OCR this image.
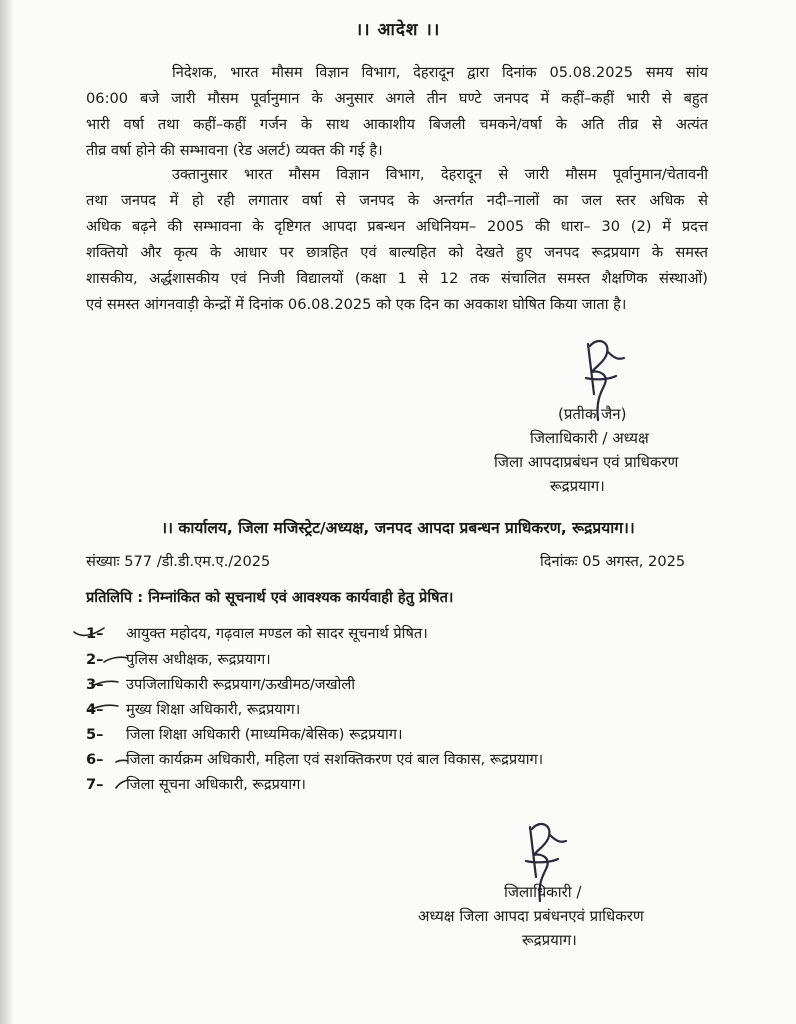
।। आदेश ।।
निदेशक, भारत मौसम विज्ञान विभाग, देहरादून द्वारा दिनांक 05.08.2025 समय सांय
06:00 बजे जारी मौसम पूर्वानुमान के अनुसार अगले तीन घण्टे जनपद में कहीं–कहीं भारी से बहुत
भारी वर्षा तथा कहीं–कहीं गर्जन के साथ आकाशीय बिजली चमकने/वर्षा के अति तीव्र से अत्यंत
तीव्र वर्षा होने की सम्भावना (रेड अलर्ट) व्यक्त की गई है।
उक्तानुसार भारत मौसम विज्ञान विभाग, देहरादून से जारी मौसम पूर्वानुमान/चेतावनी
तथा जनपद में हो रही लगातार वर्षा से जनपद के अन्तर्गत नदी–नालों का जल स्तर अधिक से
अधिक बढ़ने की सम्भावना के दृष्टिगत आपदा प्रबन्धन अधिनियम– 2005 की धारा– 30 (2) में प्रदत्त
शक्तियो और कृत्य के आधार पर छात्रहित एवं बाल्यहित को देखते हुए जनपद रूद्रप्रयाग के समस्त
शासकीय, अर्द्धशासकीय एवं निजी विद्यालयों (कक्षा 1 से 12 तक संचालित समस्त शैक्षणिक संस्थाओं)
एवं समस्त आंगनवाड़ी केन्द्रों में दिनांक 06.08.2025 को एक दिन का अवकाश घोषित किया जाता है।
(प्रतीक जैन)
जिलाधिकारी / अध्यक्ष
जिला आपदाप्रबंधन एवं प्राधिकरण
रूद्रप्रयाग।
।। कार्यालय, जिला मजिस्ट्रेट/अध्यक्ष, जनपद आपदा प्रबन्धन प्राधिकरण, रूद्रप्रयाग।।
संख्याः 577 /डी.डी.एम.ए./2025	दिनांकः 05 अगस्त, 2025
प्रतिलिपि : निम्नांकित को सूचनार्थ एवं आवश्यक कार्यवाही हेतु प्रेषित।
1– आयुक्त महोदय, गढ़वाल मण्डल को सादर सूचनार्थ प्रेषित।
2– पुलिस अधीक्षक, रूद्रप्रयाग।
3– उपजिलाधिकारी रूद्रप्रयाग/ऊखीमठ/जखोली
4– मुख्य शिक्षा अधिकारी, रूद्रप्रयाग।
5– जिला शिक्षा अधिकारी (माध्यमिक/बेसिक) रूद्रप्रयाग।
6– जिला कार्यक्रम अधिकारी, महिला एवं सशक्तिकरण एवं बाल विकास, रूद्रप्रयाग।
7– जिला सूचना अधिकारी, रूद्रप्रयाग।
जिलाधिकारी /
अध्यक्ष जिला आपदा प्रबंधनएवं प्राधिकरण
रूद्रप्रयाग।
